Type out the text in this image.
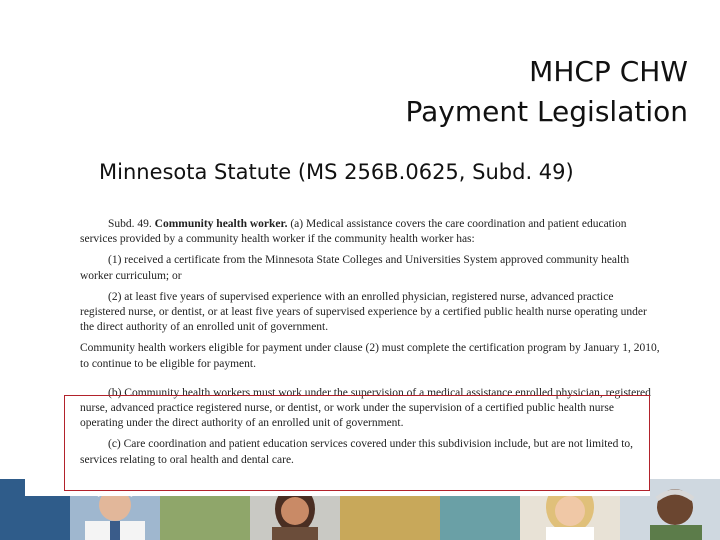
MHCP CHW
Payment Legislation
Minnesota Statute (MS 256B.0625, Subd. 49)

Subd. 49. Community health worker. (a) Medical assistance covers the care coordination and patient education services provided by a community health worker if the community health worker has:

(1) received a certificate from the Minnesota State Colleges and Universities System approved community health worker curriculum; or

(2) at least five years of supervised experience with an enrolled physician, registered nurse, advanced practice registered nurse, or dentist, or at least five years of supervised experience by a certified public health nurse operating under the direct authority of an enrolled unit of government.

Community health workers eligible for payment under clause (2) must complete the certification program by January 1, 2010, to continue to be eligible for payment.

(b) Community health workers must work under the supervision of a medical assistance enrolled physician, registered nurse, advanced practice registered nurse, or dentist, or work under the supervision of a certified public health nurse operating under the direct authority of an enrolled unit of government.

(c) Care coordination and patient education services covered under this subdivision include, but are not limited to, services relating to oral health and dental care.
